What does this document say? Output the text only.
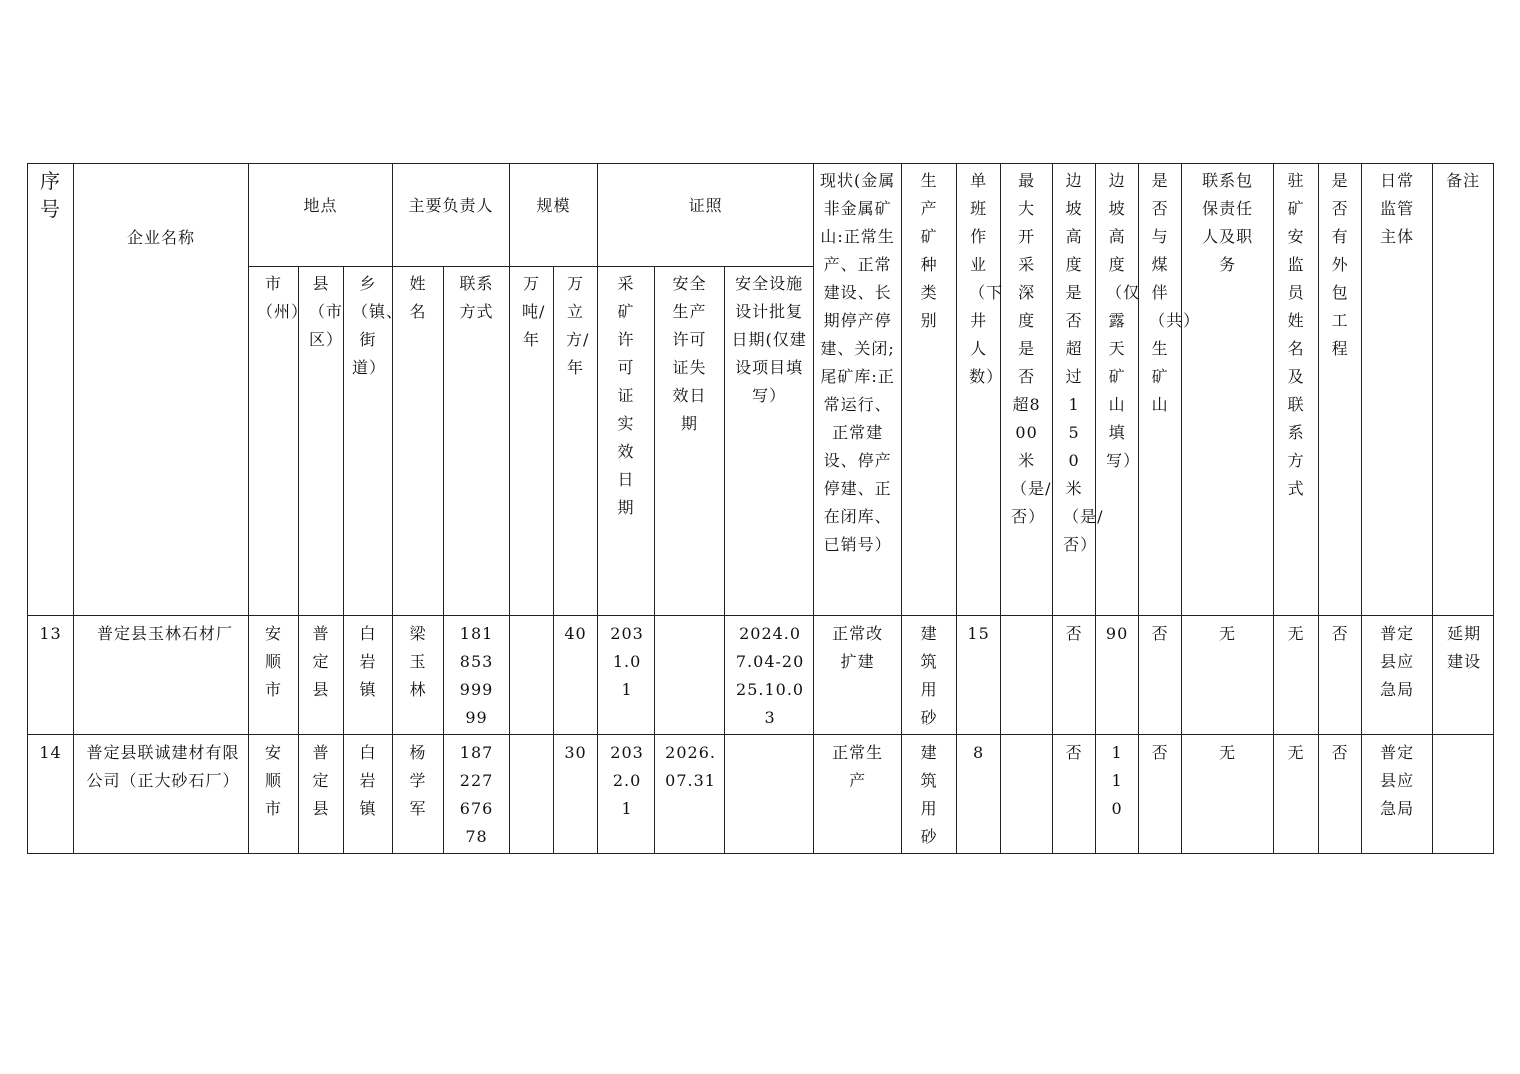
序号	企业名称	地点			主要负责人		规模		证照			现状(金属非金属矿山:正常生产、正常建设、长期停产停建、关闭;尾矿库:正常运行、正常建设、停产停建、正在闭库、已销号）	生产矿种类别	单班作业（下井人数）	最大开采深度是否超800米（是/否）	边坡高度是否超过150米（是/否）	边坡高度（仅露天矿山填写）	是否与煤伴（共）生矿山	联系包保责任人及职务	驻矿安监员姓名及联系方式	是否有外包工程	日常监管主体	备注

		市（州）	县（市区）	乡（镇、街道）	姓名	联系方式	万吨/年	万立方/年	采矿许可证实效日期	安全生产许可证失效日期	安全设施设计批复日期(仅建设项目填写）												

13	普定县玉林石材厂	安顺市	普定县	白岩镇	梁玉林	18185399999		40	2031.01		2024.07.04-2025.10.03	正常改扩建	建筑用砂	15		否	90	否	无	无	否	普定县应急局	延期建设

14	普定县联诚建材有限公司（正大砂石厂）	安顺市	普定县	白岩镇	杨学军	18722767678		30	2032.01	2026.07.31		正常生产	建筑用砂	8		否	110	否	无	无	否	普定县应急局	
